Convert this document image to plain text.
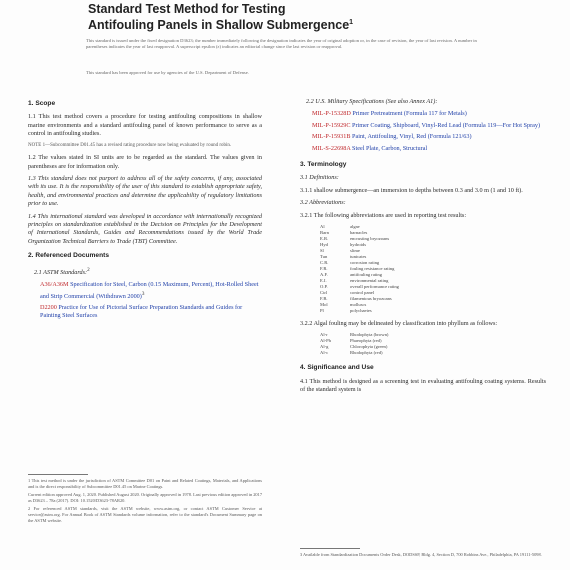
Standard Test Method for Testing
Antifouling Panels in Shallow Submergence$^1$
This standard is issued under the fixed designation D3623; the number immediately following the designation indicates the year of original adoption or, in the case of revision, the year of last revision. A number in parentheses indicates the year of last reapproval. A superscript epsilon (ε) indicates an editorial change since the last revision or reapproval.
This standard has been approved for use by agencies of the U.S. Department of Defense.
1. Scope

1.1 This test method covers a procedure for testing antifouling compositions in shallow marine environments and a standard antifouling panel of known performance to serve as a control in antifouling studies.

NOTE 1—Subcommittee D01.45 has a revised rating procedure now being evaluated by round robin.

1.2 The values stated in SI units are to be regarded as the standard. The values given in parentheses are for information only.

1.3 This standard does not purport to address all of the safety concerns, if any, associated with its use. It is the responsibility of the user of this standard to establish appropriate safety, health, and environmental practices and determine the applicability of regulatory limitations prior to use.

1.4 This international standard was developed in accordance with internationally recognized principles on standardization established in the Decision on Principles for the Development of International Standards, Guides and Recommendations issued by the World Trade Organization Technical Barriers to Trade (TBT) Committee.

2. Referenced Documents

2.1 ASTM Standards:$^2$

A36/A36M Specification for Steel, Carbon (0.15 Maximum, Percent), Hot-Rolled Sheet and Strip Commercial (Withdrawn 2000)$^3$
D2200 Practice for Use of Pictorial Surface Preparation Standards and Guides for Painting Steel Surfaces

1 This test method is under the jurisdiction of ASTM Committee D01 on Paint and Related Coatings, Materials, and Applications and is the direct responsibility of Subcommittee D01.45 on Marine Coatings.

Current edition approved Aug. 1, 2020. Published August 2020. Originally approved in 1978. Last previous edition approved in 2017 as D3623 – 78a (2017). DOI: 10.1520/D3623-78AR20.

2 For referenced ASTM standards, visit the ASTM website, www.astm.org, or contact ASTM Customer Service at service@astm.org. For Annual Book of ASTM Standards volume information, refer to the standard's Document Summary page on the ASTM website.

2.2 U.S. Military Specifications (See also Annex A1):

MIL-P-15328D Primer Pretreatment (Formula 117 for Metals)
MIL-P-15929C Primer Coating, Shipboard, Vinyl-Red Lead (Formula 119—For Hot Spray)
MIL-P-15931B Paint, Antifouling, Vinyl, Red (Formula 121/63)
MIL-S-22698A Steel Plate, Carbon, Structural
3. Terminology

3.1 Definitions:

3.1.1 shallow submergence—an immersion to depths between 0.3 and 3.0 m (1 and 10 ft).

3.2 Abbreviations:

3.2.1 The following abbreviations are used in reporting test results:

Al	algae
Barn	barnacles
E.R.	encrusting bryozoans
Hyd	hydroids
Sl	slime
Tun	tunicates
C.R.	corrosion rating
F.R.	fouling resistance rating
A.F.	antifouling rating
E.I.	environmental rating
O.P.	overall performance rating
Ctrl	control panel
F.B.	filamentous bryozoans
Mol	molluscs
Pl	polychaetes

3.2.2 Algal fouling may be delineated by classification into phyllum as follows:

Al-r	Rhodophyta (brown)
Al-Ph	Phaeophyta (red)
Al-g	Chlorophyta (green)
Al-c	Rhodophyta (red)
4. Significance and Use

4.1 This method is designed as a screening test in evaluating antifouling coating systems. Results of the standard system is

3 Available from Standardization Documents Order Desk, DODSSP, Bldg. 4, Section D, 700 Robbins Ave., Philadelphia, PA 19111-5098.
